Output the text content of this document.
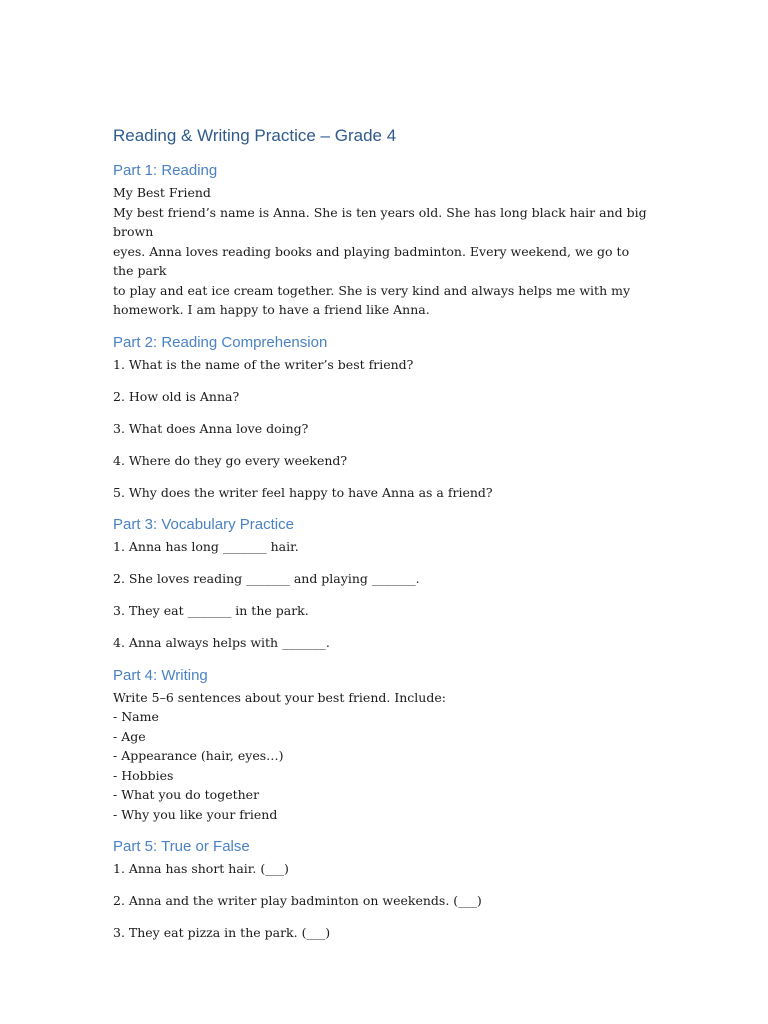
Reading & Writing Practice – Grade 4
Part 1: Reading

My Best Friend

My best friend’s name is Anna. She is ten years old. She has long black hair and big brown

eyes. Anna loves reading books and playing badminton. Every weekend, we go to the park

to play and eat ice cream together. She is very kind and always helps me with my

homework. I am happy to have a friend like Anna.

Part 2: Reading Comprehension

1. What is the name of the writer’s best friend?

2. How old is Anna?

3. What does Anna love doing?

4. Where do they go every weekend?

5. Why does the writer feel happy to have Anna as a friend?

Part 3: Vocabulary Practice

1. Anna has long _______ hair.

2. She loves reading _______ and playing _______.

3. They eat _______ in the park.

4. Anna always helps with _______.

Part 4: Writing

Write 5–6 sentences about your best friend. Include:

- Name

- Age

- Appearance (hair, eyes…)

- Hobbies

- What you do together

- Why you like your friend

Part 5: True or False

1. Anna has short hair. (___)

2. Anna and the writer play badminton on weekends. (___)

3. They eat pizza in the park. (___)
